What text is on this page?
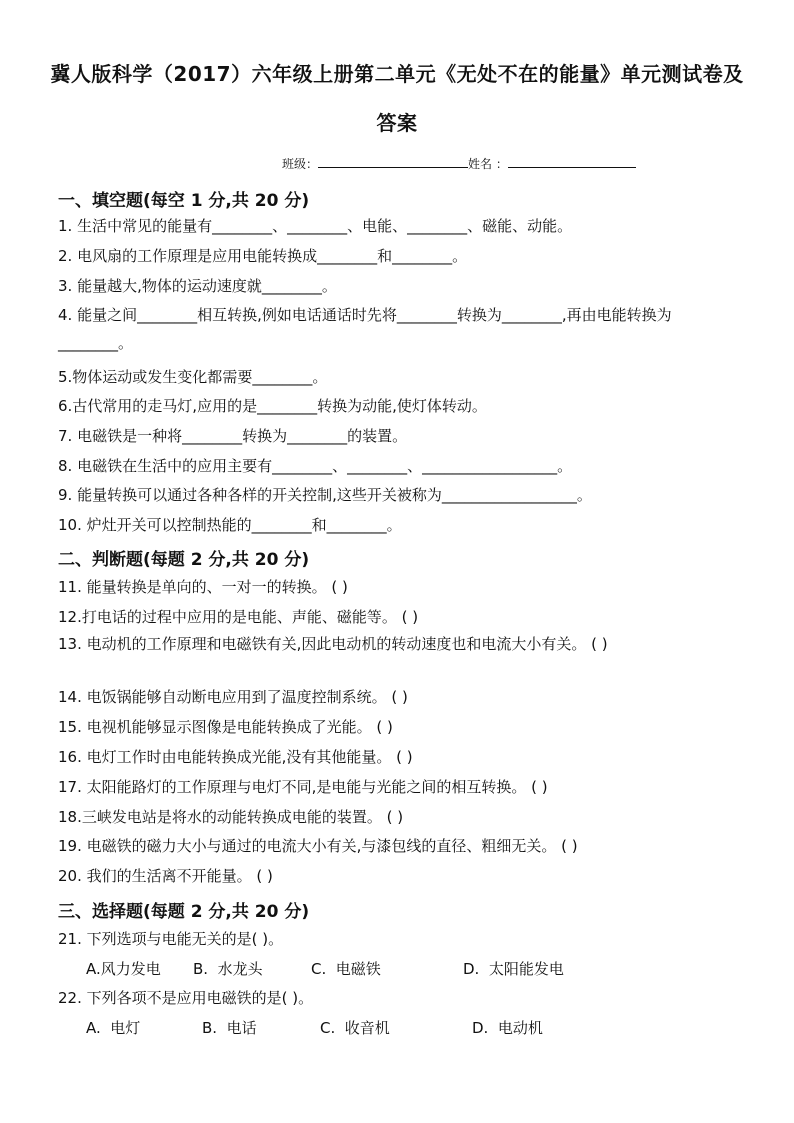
冀人版科学（2017）六年级上册第二单元《无处不在的能量》单元测试卷及
答案
班级：	姓名 ：
一、填空题(每空 1 分,共 20 分)
1. 生活中常见的能量有________、________、电能、________、磁能、动能。
2. 电风扇的工作原理是应用电能转换成________和________。
3. 能量越大,物体的运动速度就________。
4. 能量之间________相互转换,例如电话通话时先将________转换为________,再由电能转换为________。
5.物体运动或发生变化都需要________。
6.古代常用的走马灯,应用的是________转换为动能,使灯体转动。
7. 电磁铁是一种将________转换为________的装置。
8. 电磁铁在生活中的应用主要有________、________、__________________。
9. 能量转换可以通过各种各样的开关控制,这些开关被称为__________________。
10. 炉灶开关可以控制热能的________和________。
二、判断题(每题 2 分,共 20 分)
11. 能量转换是单向的、一对一的转换。 ( )
12.打电话的过程中应用的是电能、声能、磁能等。 ( )
13. 电动机的工作原理和电磁铁有关,因此电动机的转动速度也和电流大小有关。 ( )
14. 电饭锅能够自动断电应用到了温度控制系统。 ( )
15. 电视机能够显示图像是电能转换成了光能。 ( )
16. 电灯工作时由电能转换成光能,没有其他能量。 ( )
17. 太阳能路灯的工作原理与电灯不同,是电能与光能之间的相互转换。 ( )
18.三峡发电站是将水的动能转换成电能的装置。 ( )
19. 电磁铁的磁力大小与通过的电流大小有关,与漆包线的直径、粗细无关。 ( )
20. 我们的生活离不开能量。 ( )
三、选择题(每题 2 分,共 20 分)
21. 下列选项与电能无关的是( )。
A.风力发电 B.  水龙头	C.  电磁铁	D.  太阳能发电
22. 下列各项不是应用电磁铁的是( )。
A.  电灯	B.  电话	C.  收音机	D.  电动机
